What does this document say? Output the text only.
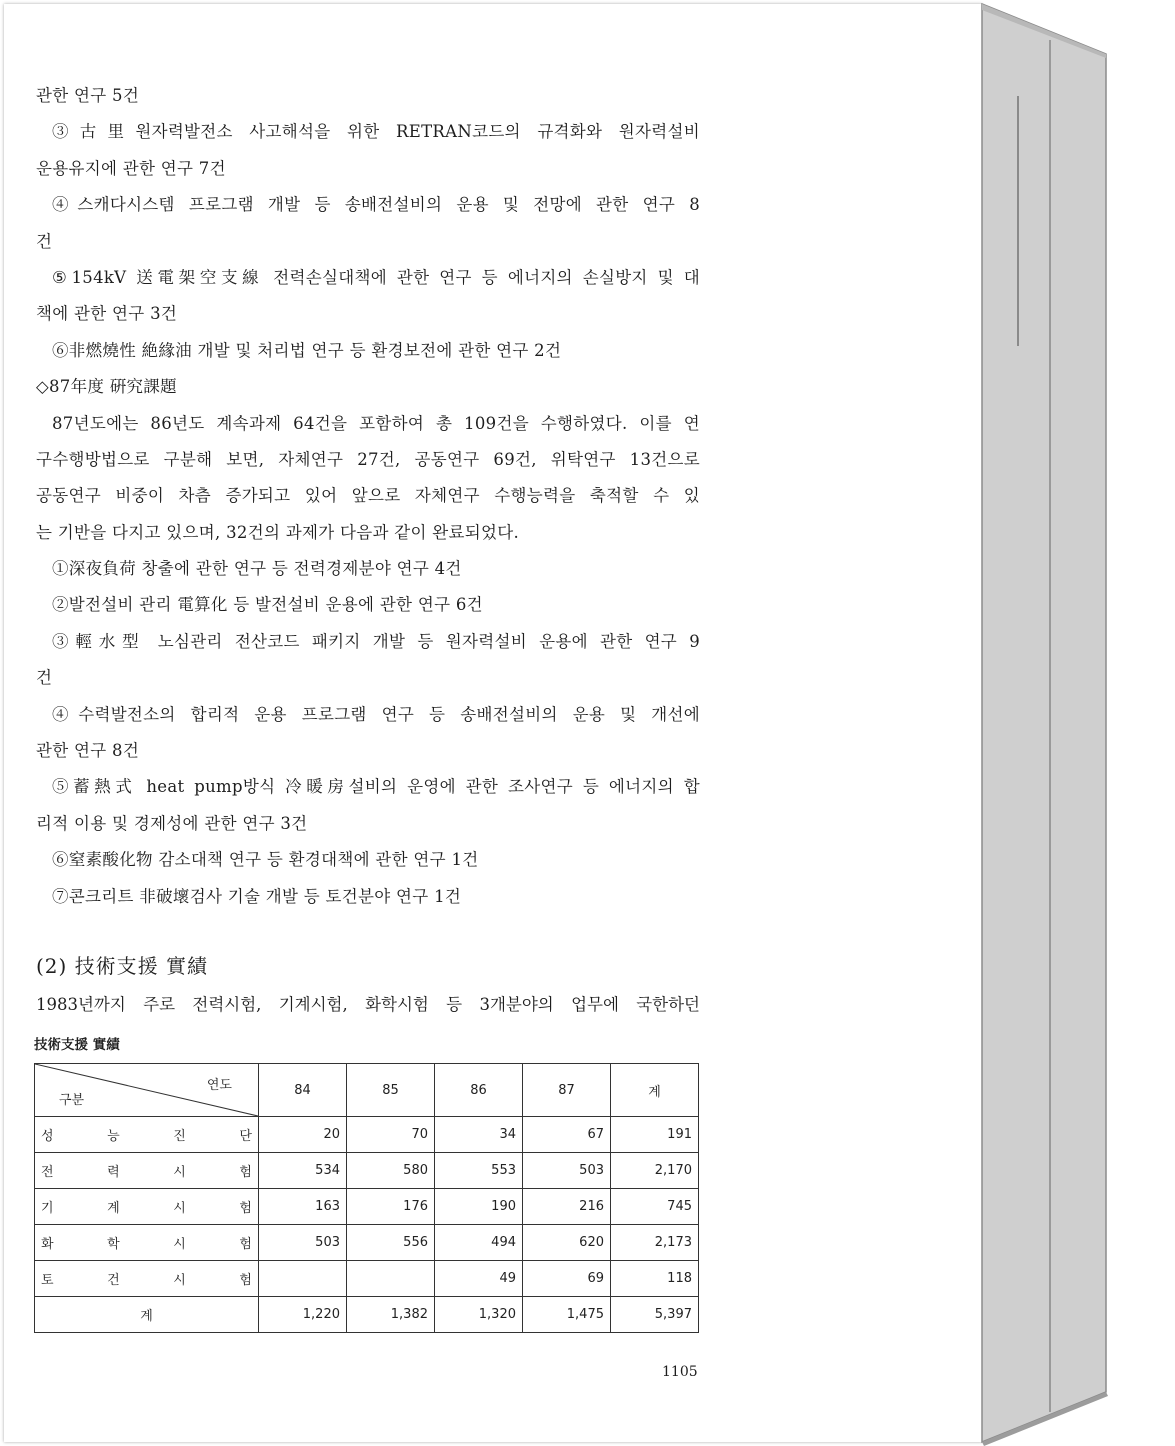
관한 연구 5건
③古里원자력발전소 사고해석을 위한 RETRAN코드의 규격화와 원자력설비
운용유지에 관한 연구 7건
④스캐다시스템 프로그램 개발 등 송배전설비의 운용 및 전망에 관한 연구 8
건
⑤154kV 送電架空支線 전력손실대책에 관한 연구 등 에너지의 손실방지 및 대
책에 관한 연구 3건
⑥非燃燒性 絶緣油 개발 및 처리법 연구 등 환경보전에 관한 연구 2건
◇87年度 硏究課題
87년도에는 86년도 계속과제 64건을 포함하여 총 109건을 수행하였다. 이를 연
구수행방법으로 구분해 보면, 자체연구 27건, 공동연구 69건, 위탁연구 13건으로
공동연구 비중이 차츰 증가되고 있어 앞으로 자체연구 수행능력을 축적할 수 있
는 기반을 다지고 있으며, 32건의 과제가 다음과 같이 완료되었다.
①深夜負荷 창출에 관한 연구 등 전력경제분야 연구 4건
②발전설비 관리 電算化 등 발전설비 운용에 관한 연구 6건
③輕水型 노심관리 전산코드 패키지 개발 등 원자력설비 운용에 관한 연구 9
건
④수력발전소의 합리적 운용 프로그램 연구 등 송배전설비의 운용 및 개선에
관한 연구 8건
⑤蓄熱式 heat pump방식 冷暖房설비의 운영에 관한 조사연구 등 에너지의 합
리적 이용 및 경제성에 관한 연구 3건
⑥窒素酸化物 감소대책 연구 등 환경대책에 관한 연구 1건
⑦콘크리트 非破壞검사 기술 개발 등 토건분야 연구 1건
(2) 技術支援 實績
1983년까지 주로 전력시험, 기계시험, 화학시험 등 3개분야의 업무에 국한하던
技術支援 實績
연도
구분	84	85	86	87	계

성 능 진 단	20	70	34	67	191

전 력 시 험	534	580	553	503	2,170

기 계 시 험	163	176	190	216	745

화 학 시 험	503	556	494	620	2,173

토 건 시 험			49	69	118
계	1,220	1,382	1,320	1,475	5,397
1105
